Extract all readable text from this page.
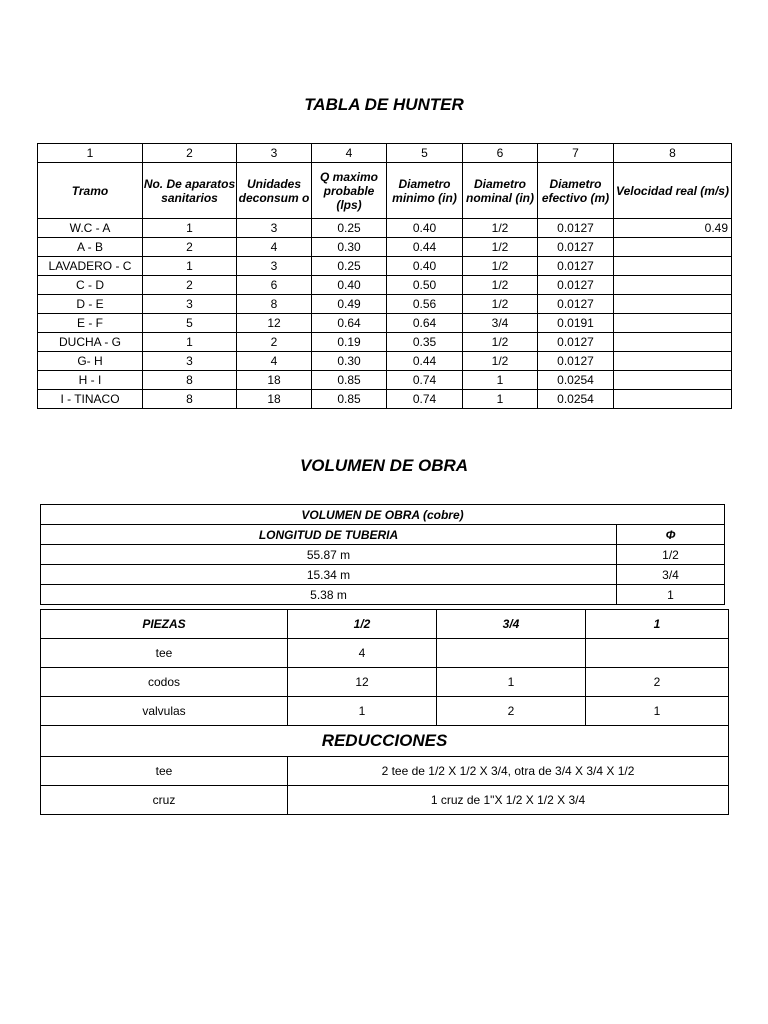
TABLA DE HUNTER
1	2	3	4	5	6	7	8
Tramo	No. De aparatos sanitarios	Unidades deconsum o	Q maximo probable (lps)	Diametro minimo (in)	Diametro nominal (in)	Diametro efectivo (m)	Velocidad real (m/s)
W.C - A	1	3	0.25	0.40	1/2	0.0127	0.49
A - B	2	4	0.30	0.44	1/2	0.0127	
LAVADERO - C	1	3	0.25	0.40	1/2	0.0127	
C - D	2	6	0.40	0.50	1/2	0.0127	
D - E	3	8	0.49	0.56	1/2	0.0127	
E - F	5	12	0.64	0.64	3/4	0.0191	
DUCHA - G	1	2	0.19	0.35	1/2	0.0127	
G- H	3	4	0.30	0.44	1/2	0.0127	
H - I	8	18	0.85	0.74	1	0.0254	
I - TINACO	8	18	0.85	0.74	1	0.0254	
VOLUMEN DE OBRA
VOLUMEN DE OBRA (cobre)	
LONGITUD DE TUBERIA	Φ
55.87 m	1/2
15.34 m	3/4
5.38 m	1
PIEZAS	1/2	3/4	1
tee	4		
codos	12	1	2
valvulas	1	2	1
REDUCCIONES			
tee	2 tee de 1/2 X 1/2 X 3/4, otra de 3/4 X 3/4 X 1/2		
cruz	1 cruz de 1"X 1/2 X 1/2 X 3/4		
